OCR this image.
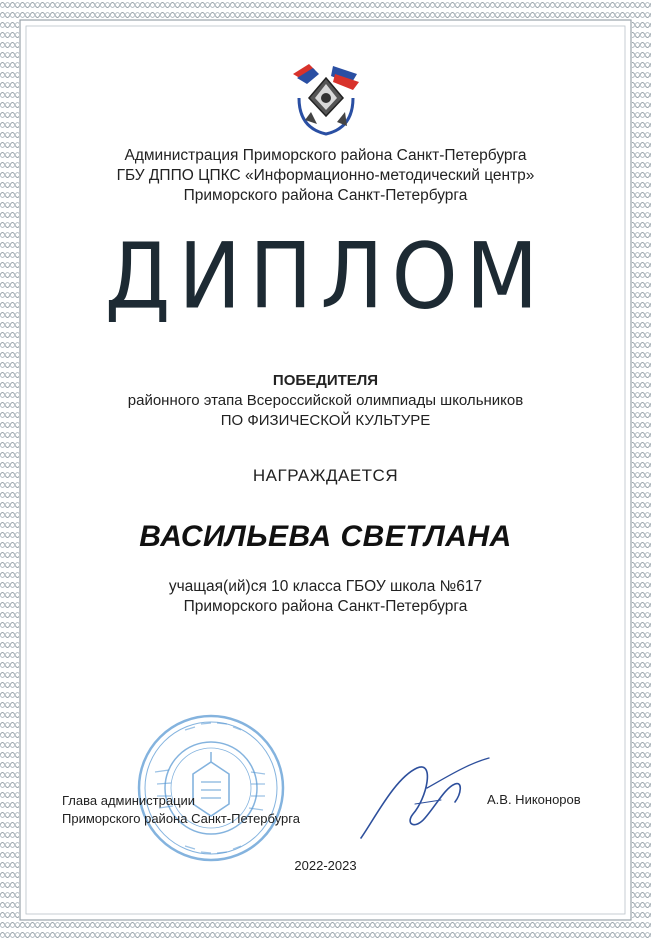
Администрация Приморского района Санкт-Петербурга
ГБУ ДППО ЦПКС «Информационно-методический центр»
Приморского района Санкт-Петербурга
ДИПЛОМ
ПОБЕДИТЕЛЯ
районного этапа Всероссийской олимпиады школьников
ПО ФИЗИЧЕСКОЙ КУЛЬТУРЕ
НАГРАЖДАЕТСЯ
ВАСИЛЬЕВА СВЕТЛАНА
учащая(ий)ся 10 класса ГБОУ школа №617
Приморского района Санкт-Петербурга
Глава администрации
Приморского района Санкт-Петербурга
А.В. Никоноров
2022-2023
